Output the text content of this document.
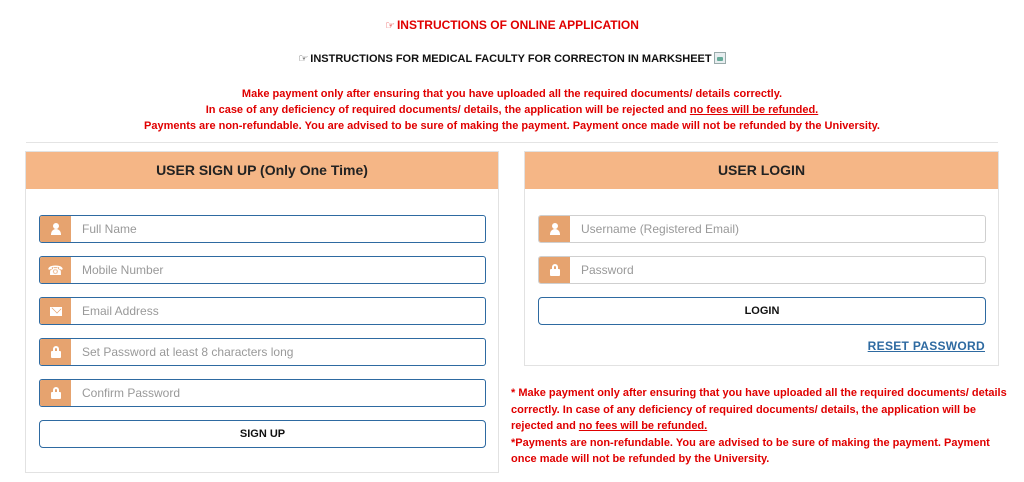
☞ INSTRUCTIONS OF ONLINE APPLICATION
☞ INSTRUCTIONS FOR MEDICAL FACULTY FOR CORRECTON IN MARKSHEET
Make payment only after ensuring that you have uploaded all the required documents/ details correctly.
In case of any deficiency of required documents/ details, the application will be rejected and no fees will be refunded.
Payments are non-refundable. You are advised to be sure of making the payment. Payment once made will not be refunded by the University.
USER SIGN UP (Only One Time)
Full Name
☎
Mobile Number
Email Address
SIGN UP
USER LOGIN
Username (Registered Email)
LOGIN
RESET PASSWORD
* Make payment only after ensuring that you have uploaded all the required documents/ details correctly. In case of any deficiency of required documents/ details, the application will be rejected and no fees will be refunded.
*Payments are non-refundable. You are advised to be sure of making the payment. Payment once made will not be refunded by the University.
